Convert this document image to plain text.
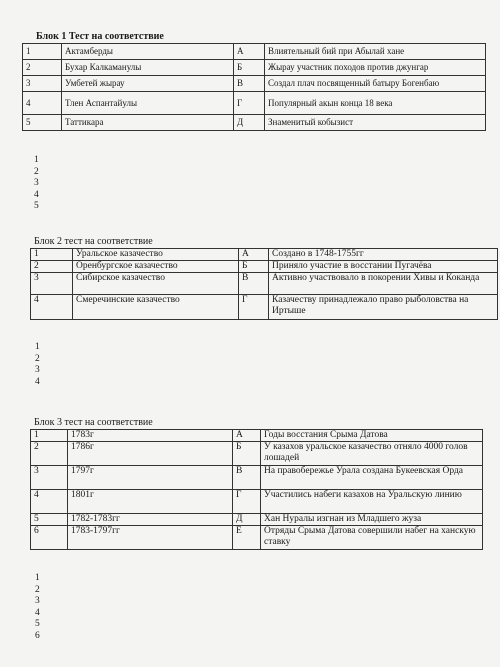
Блок 1 Тест на соответствие
1	Актамберды	А	Влиятельный бий при Абылай хане
2	Бухар Калкаманулы	Б	Жырау участник походов против джунгар
3	Умбетей жырау	В	Создал плач посвященный батыру Богенбаю
4	Тлен Аспантайулы	Г	Популярный акын конца 18 века
5	Таттикара	Д	Знаменитый кобызист
1
2
3
4
5
Блок 2 тест на соответствие
1	Уральское казачество	А	Создано в 1748-1755гг
2	Оренбургское казачество	Б	Приняло участие в восстании Пугачёва
3	Сибирское казачество	В	Активно участвовало в покорении Хивы и Коканда
4	Смеречинские казачество	Г	Казачеству принадлежало право рыболовства на Иртыше
1
2
3
4
Блок 3 тест на соответствие
1	1783г	А	Годы восстания Срыма Датова
2	1786г	Б	У казахов уральское казачество отняло 4000 голов лошадей
3	1797г	В	На правобережье Урала создана Букеевская Орда
4	1801г	Г	Участились набеги казахов на Уральскую линию
5	1782-1783гг	Д	Хан Нуралы изгнан из Младшего жуза
6	1783-1797гг	Е	Отряды Срыма Датова совершили набег на ханскую ставку
1
2
3
4
5
6
